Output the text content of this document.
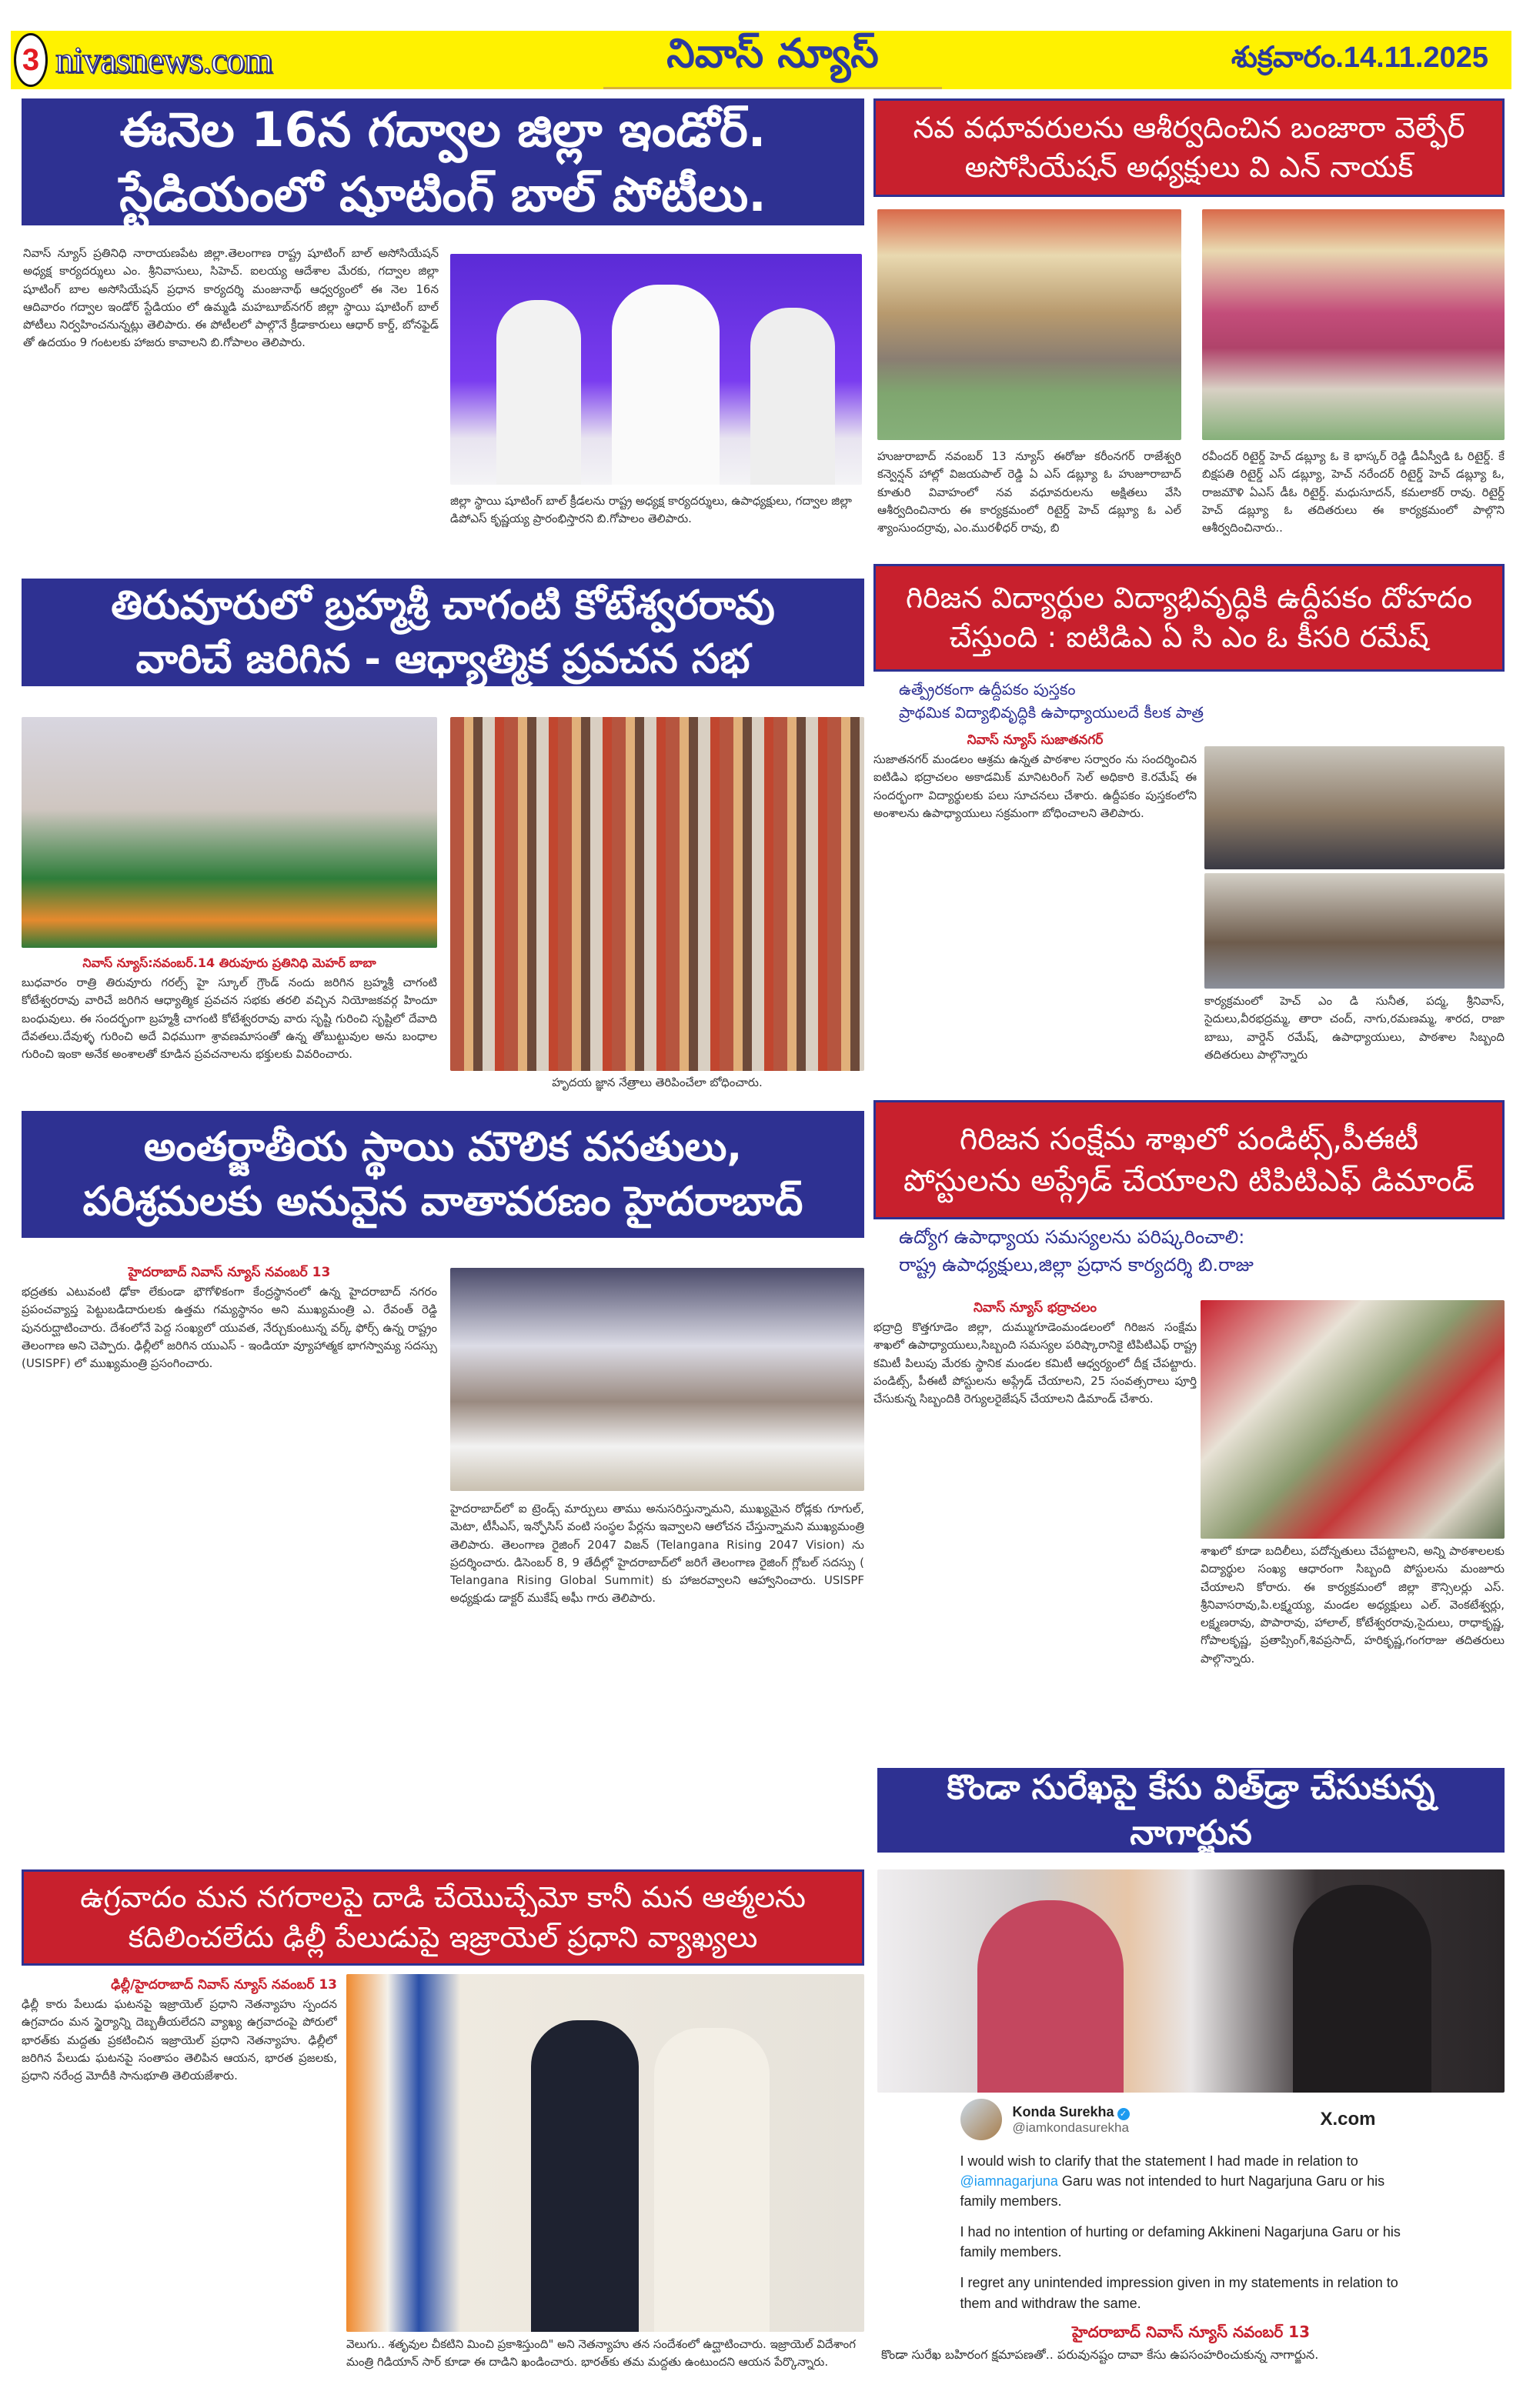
3 nivasnews.com	నివాస్ న్యూస్	శుక్రవారం.14.11.2025
ఈనెల 16న గద్వాల జిల్లా ఇండోర్.
స్టేడియంలో షూటింగ్ బాల్ పోటీలు.
నివాస్ న్యూస్ ప్రతినిధి నారాయణపేట జిల్లా.తెలంగాణ రాష్ట్ర షూటింగ్ బాల్ అసోసియేషన్ అధ్యక్ష కార్యదర్శులు ఎం. శ్రీనివాసులు, సిహెచ్. ఐలయ్య ఆదేశాల మేరకు, గద్వాల జిల్లా షూటింగ్ బాల అసోసియేషన్ ప్రధాన కార్యదర్శి మంజునాథ్ ఆధ్వర్యంలో ఈ నెల 16న ఆదివారం గద్వాల ఇండోర్ స్టేడియం లో ఉమ్మడి మహబూబ్‌నగర్ జిల్లా స్థాయి షూటింగ్ బాల్ పోటీలు నిర్వహించనున్నట్లు తెలిపారు. ఈ పోటీలలో పాల్గొనే క్రీడాకారులు ఆధార్ కార్డ్, బోనఫైడ్ తో ఉదయం 9 గంటలకు హాజరు కావాలని బి.గోపాలం తెలిపారు.
జిల్లా స్థాయి షూటింగ్ బాల్ క్రీడలను రాష్ట్ర అధ్యక్ష కార్యదర్శులు, ఉపాధ్యక్షులు, గద్వాల జిల్లా డిపోఎస్ కృష్ణయ్య ప్రారంభిస్తారని బి.గోపాలం తెలిపారు.
నవ వధూవరులను ఆశీర్వదించిన బంజారా వెల్ఫేర్
అసోసియేషన్ అధ్యక్షులు వి ఎన్ నాయక్
హుజురాబాద్ నవంబర్ 13 న్యూస్ ఈరోజు కరీంనగర్ రాజేశ్వరి కన్వెన్షన్ హాల్లో విజయపాల్ రెడ్డి ఏ ఎస్ డబ్ల్యూ ఓ హుజూరాబాద్ కూతురి వివాహంలో నవ వధూవరులను అక్షితలు వేసి ఆశీర్వదించినారు ఈ కార్యక్రమంలో రిటైర్డ్ హెచ్ డబ్ల్యూ ఓ ఎల్ శ్యాంసుందర్రావు, ఎం.మురళీధర్ రావు, బి
రవీందర్ రిటైర్డ్ హెచ్ డబ్ల్యూ ఓ కె భాస్కర్ రెడ్డి డీఏస్వీడి ఓ రిటైర్డ్. కే బిక్షపతి రిటైర్డ్ ఎస్ డబ్ల్యూ, హెచ్ నరేందర్ రిటైర్డ్ హెచ్ డబ్ల్యూ ఓ, రాజమౌళి ఏఎస్ డీఓ రిటైర్డ్. మధుసూదన్, కమలాకర్ రావు. రిటైర్డ్ హెచ్ డబ్ల్యూ ఓ తదితరులు ఈ కార్యక్రమంలో పాల్గొని ఆశీర్వదించినారు..
తిరువూరులో బ్రహ్మశ్రీ చాగంటి కోటేశ్వరరావు
వారిచే జరిగిన - ఆధ్యాత్మిక ప్రవచన సభ
నివాస్ న్యూస్:నవంబర్.14 తిరువూరు ప్రతినిధి మెహర్ బాబా
బుధవారం రాత్రి తిరువూరు గరల్స్ హై స్కూల్ గ్రౌండ్ నందు జరిగిన బ్రహ్మశ్రీ చాగంటి కోటేశ్వరరావు వారిచే జరిగిన ఆధ్యాత్మిక ప్రవచన సభకు తరలి వచ్చిన నియోజకవర్గ హిందూ బంధువులు. ఈ సందర్భంగా బ్రహ్మశ్రీ చాగంటి కోటేశ్వరరావు వారు సృష్టి గురించి సృష్టిలో దేవాది దేవతలు.దేవుళ్ళ గురించి అదే విధముగా శ్రావణమాసంతో ఉన్న తోబుట్టువుల అను బంధాల గురించి ఇంకా అనేక అంశాలతో కూడిన ప్రవచనాలను భక్తులకు వివరించారు.
హృదయ జ్ఞాన నేత్రాలు తెరిపించేలా బోధించారు.
గిరిజన విద్యార్థుల విద్యాభివృద్ధికి ఉద్దీపకం దోహదం
చేస్తుంది : ఐటిడిఎ ఏ సి ఎం ఓ కీసరి రమేష్
ఉత్ప్రేరకంగా ఉద్దీపకం పుస్తకం
ప్రాథమిక విద్యాభివృద్ధికి ఉపాధ్యాయులదే కీలక పాత్ర
నివాస్ న్యూస్ సుజాతనగర్
సుజాతనగర్ మండలం ఆశ్రమ ఉన్నత పాఠశాల సర్వారం ను సందర్శించిన ఐటిడిఎ భద్రాచలం అకాడమిక్ మానిటరింగ్ సెల్ అధికారి కె.రమేష్ ఈ సందర్భంగా విద్యార్థులకు పలు సూచనలు చేశారు. ఉద్దీపకం పుస్తకంలోని అంశాలను ఉపాధ్యాయులు సక్రమంగా బోధించాలని తెలిపారు.
కార్యక్రమంలో హెచ్ ఎం డి సునీత, పద్మ, శ్రీనివాస్, సైదులు,వీరభద్రమ్మ, తారా చంద్, నాగు,రమణమ్మ, శారద, రాజా బాబు, వార్డెన్ రమేష్, ఉపాధ్యాయులు, పాఠశాల సిబ్బంది తదితరులు పాల్గొన్నారు
అంతర్జాతీయ స్థాయి మౌలిక వసతులు,
పరిశ్రమలకు అనువైన వాతావరణం హైదరాబాద్
హైదరాబాద్ నివాస్ న్యూస్ నవంబర్ 13
భద్రతకు ఎటువంటి ఢోకా లేకుండా భౌగోళికంగా కేంద్రస్థానంలో ఉన్న హైదరాబాద్ నగరం ప్రపంచవ్యాప్త పెట్టుబడిదారులకు ఉత్తమ గమ్యస్థానం అని ముఖ్యమంత్రి ఎ. రేవంత్ రెడ్డి పునరుద్ఘాటించారు. దేశంలోనే పెద్ద సంఖ్యలో యువత, నేర్చుకుంటున్న వర్క్ ఫోర్స్ ఉన్న రాష్ట్రం తెలంగాణ అని చెప్పారు. ఢిల్లీలో జరిగిన యుఎస్ - ఇండియా వ్యూహాత్మక భాగస్వామ్య సదస్సు (USISPF) లో ముఖ్యమంత్రి ప్రసంగించారు.
హైదరాబాద్‌లో ఐ ట్రెండ్స్ మార్పులు తాము అనుసరిస్తున్నామని, ముఖ్యమైన రోడ్లకు గూగుల్, మెటా, టీసీఎస్, ఇన్ఫోసిస్ వంటి సంస్థల పేర్లను ఇవ్వాలని ఆలోచన చేస్తున్నామని ముఖ్యమంత్రి తెలిపారు. తెలంగాణ రైజింగ్ 2047 విజన్ (Telangana Rising 2047 Vision) ను ప్రదర్శించారు. డిసెంబర్ 8, 9 తేదీల్లో హైదరాబాద్‌లో జరిగే తెలంగాణ రైజింగ్ గ్లోబల్ సదస్సు ( Telangana Rising Global Summit) కు హాజరవ్వాలని ఆహ్వానించారు. USISPF అధ్యక్షుడు డాక్టర్ ముకేష్ అఘీ గారు తెలిపారు.
గిరిజన సంక్షేమ శాఖలో పండిట్స్,పీఈటీ
పోస్టులను అప్గ్రేడ్ చేయాలని టిపిటిఎఫ్ డిమాండ్
ఉద్యోగ ఉపాధ్యాయ సమస్యలను పరిష్కరించాలి:
రాష్ట్ర ఉపాధ్యక్షులు,జిల్లా ప్రధాన కార్యదర్శి బి.రాజు
నివాస్ న్యూస్ భద్రాచలం
భద్రాద్రి కొత్తగూడెం జిల్లా, దుమ్ముగూడెంమండలంలో గిరిజన సంక్షేమ శాఖలో ఉపాధ్యాయులు,సిబ్బంది సమస్యల పరిష్కారానికై టిపిటిఎఫ్ రాష్ట్ర కమిటీ పిలుపు మేరకు స్థానిక మండల కమిటీ ఆధ్వర్యంలో దీక్ష చేపట్టారు. పండిట్స్, పీఈటీ పోస్టులను అప్గ్రేడ్ చేయాలని, 25 సంవత్సరాలు పూర్తి చేసుకున్న సిబ్బందికి రెగ్యులరైజేషన్ చేయాలని డిమాండ్ చేశారు.
శాఖలో కూడా బదిలీలు, పదోన్నతులు చేపట్టాలని, అన్ని పాఠశాలలకు విద్యార్థుల సంఖ్య ఆధారంగా సిబ్బంది పోస్టులను మంజూరు చేయాలని కోరారు. ఈ కార్యక్రమంలో జిల్లా కౌన్సిలర్లు ఎస్. శ్రీనివాసరావు,పి.లక్ష్మయ్య, మండల అధ్యక్షులు ఎల్. వెంకటేశ్వర్లు, లక్ష్మణరావు, పొపారావు, హాలాల్, కోటేశ్వరరావు,సైదులు, రాధాకృష్ణ, గోపాలకృష్ణ, ప్రతాప్సింగ్,శివప్రసాద్, హరికృష్ణ,గంగరాజు తదితరులు పాల్గొన్నారు.
కొండా సురేఖపై కేసు విత్‌డ్రా చేసుకున్న నాగార్జున
Konda Surekha ✓
@iamkondasurekha	X.com

I would wish to clarify that the statement I had made in relation to @iamnagarjuna Garu was not intended to hurt Nagarjuna Garu or his family members.

I had no intention of hurting or defaming Akkineni Nagarjuna Garu or his family members.

I regret any unintended impression given in my statements in relation to them and withdraw the same.

హైదరాబాద్ నివాస్ న్యూస్ నవంబర్ 13
కొండా సురేఖ బహిరంగ క్షమాపణతో.. పరువునష్టం దావా కేసు ఉపసంహరించుకున్న నాగార్జున.
ఉగ్రవాదం మన నగరాలపై దాడి చేయొచ్చేమో కానీ మన ఆత్మలను
కదిలించలేదు ఢిల్లీ పేలుడుపై ఇజ్రాయెల్ ప్రధాని వ్యాఖ్యలు
ఢిల్లీ/హైదరాబాద్ నివాస్ న్యూస్ నవంబర్ 13
ఢిల్లీ కారు పేలుడు ఘటనపై ఇజ్రాయెల్ ప్రధాని నెతన్యాహు స్పందన ఉగ్రవాదం మన స్థైర్యాన్ని దెబ్బతీయలేదని వ్యాఖ్య ఉగ్రవాదంపై పోరులో భారత్‌కు మద్దతు ప్రకటించిన ఇజ్రాయెల్ ప్రధాని నెతన్యాహు. ఢిల్లీలో జరిగిన పేలుడు ఘటనపై సంతాపం తెలిపిన ఆయన, భారత ప్రజలకు, ప్రధాని నరేంద్ర మోదీకి సానుభూతి తెలియజేశారు.
వెలుగు.. శతృవుల చీకటిని మించి ప్రకాశిస్తుంది" అని నెతన్యాహు తన సందేశంలో ఉద్ఘాటించారు. ఇజ్రాయెల్ విదేశాంగ మంత్రి గిడియాన్ సార్ కూడా ఈ దాడిని ఖండించారు. భారత్‌కు తమ మద్దతు ఉంటుందని ఆయన పేర్కొన్నారు.
